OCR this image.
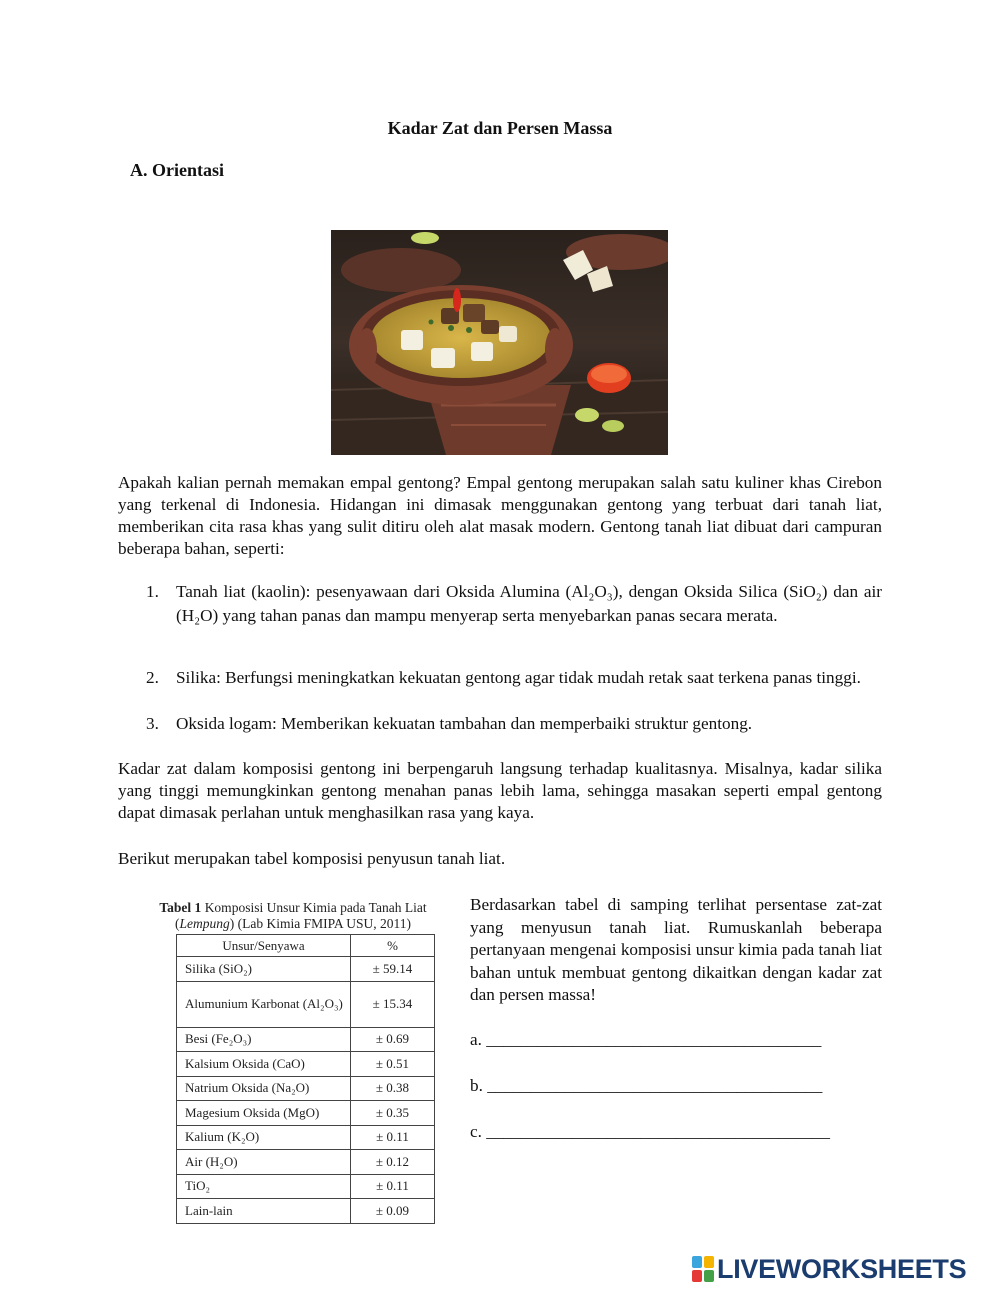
Kadar Zat dan Persen Massa
A. Orientasi
Apakah kalian pernah memakan empal gentong? Empal gentong merupakan salah satu kuliner khas Cirebon yang terkenal di Indonesia. Hidangan ini dimasak menggunakan gentong yang terbuat dari tanah liat, memberikan cita rasa khas yang sulit ditiru oleh alat masak modern. Gentong tanah liat dibuat dari campuran beberapa bahan, seperti:
1. Tanah liat (kaolin): pesenyawaan dari Oksida Alumina (Al₂O₃), dengan Oksida Silica (SiO₂) dan air (H₂O) yang tahan panas dan mampu menyerap serta menyebarkan panas secara merata.
2. Silika: Berfungsi meningkatkan kekuatan gentong agar tidak mudah retak saat terkena panas tinggi.
3. Oksida logam: Memberikan kekuatan tambahan dan memperbaiki struktur gentong.
Kadar zat dalam komposisi gentong ini berpengaruh langsung terhadap kualitasnya. Misalnya, kadar silika yang tinggi memungkinkan gentong menahan panas lebih lama, sehingga masakan seperti empal gentong dapat dimasak perlahan untuk menghasilkan rasa yang kaya.
Berikut merupakan tabel komposisi penyusun tanah liat.
Tabel 1 Komposisi Unsur Kimia pada Tanah Liat
(Lempung) (Lab Kimia FMIPA USU, 2011)
Unsur/Senyawa	%
Silika (SiO₂)	± 59.14
Alumunium Karbonat (Al₂O₃)	± 15.34
Besi (Fe₂O₃)	± 0.69
Kalsium Oksida (CaO)	± 0.51
Natrium Oksida (Na₂O)	± 0.38
Magesium Oksida (MgO)	± 0.35
Kalium (K₂O)	± 0.11
Air (H₂O)	± 0.12
TiO₂	± 0.11
Lain-lain	± 0.09
Berdasarkan tabel di samping terlihat persentase zat-zat yang menyusun tanah liat. Rumuskanlah beberapa pertanyaan mengenai komposisi unsur kimia pada tanah liat bahan untuk membuat gentong dikaitkan dengan kadar zat dan persen massa!
a. _______________________________________
b. _______________________________________
c. ________________________________________
LIVEWORKSHEETS
